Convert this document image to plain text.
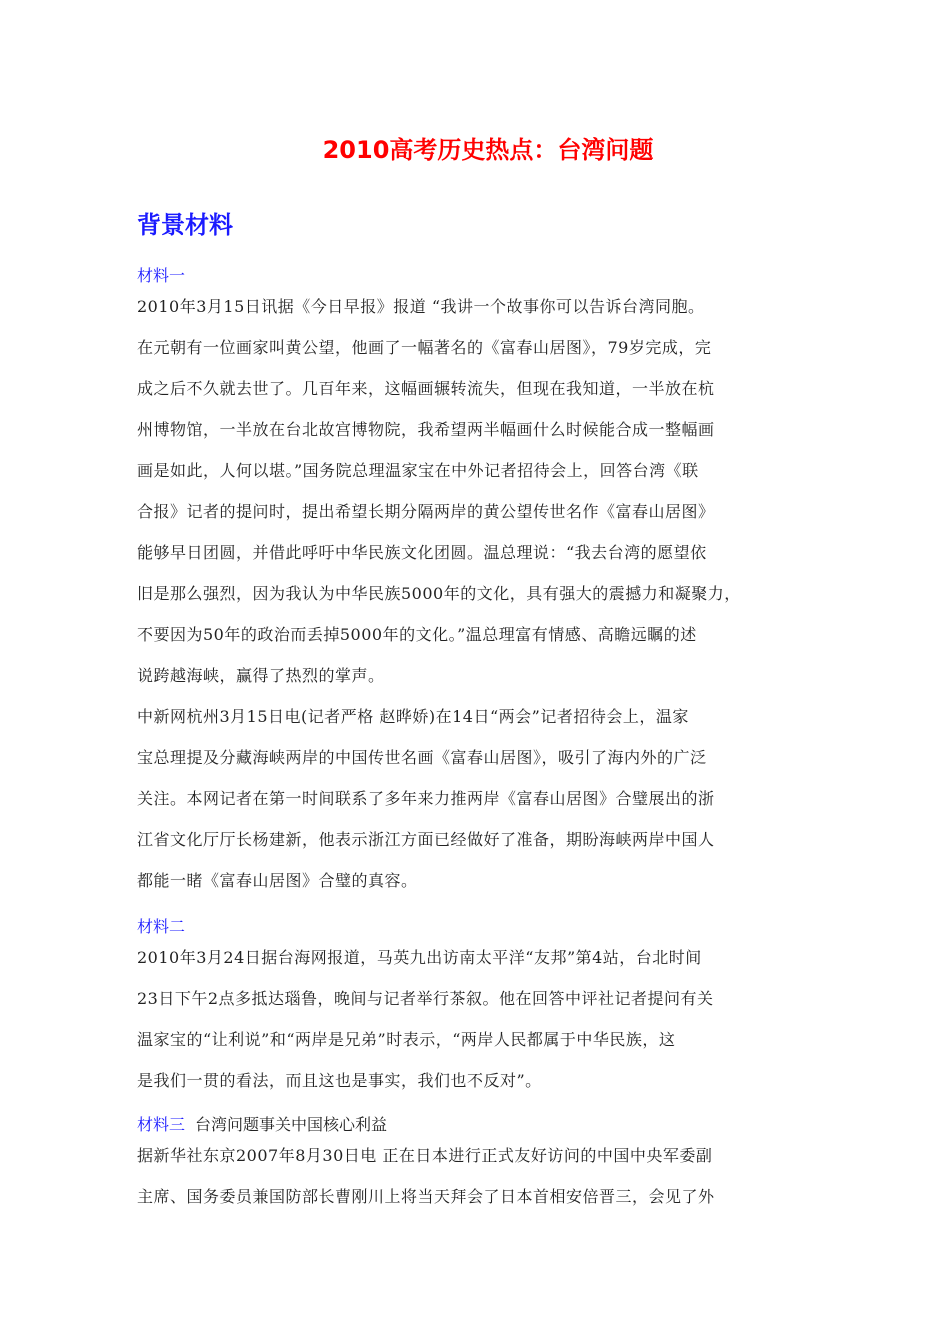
2010高考历史热点：台湾问题
背景材料
材料一
2010年3月15日讯据《今日早报》报道 “我讲一个故事你可以告诉台湾同胞。
在元朝有一位画家叫黄公望，他画了一幅著名的《富春山居图》，79岁完成，完
成之后不久就去世了。几百年来，这幅画辗转流失，但现在我知道，一半放在杭
州博物馆，一半放在台北故宫博物院，我希望两半幅画什么时候能合成一整幅画
画是如此，人何以堪。”国务院总理温家宝在中外记者招待会上，回答台湾《联
合报》记者的提问时，提出希望长期分隔两岸的黄公望传世名作《富春山居图》
能够早日团圆，并借此呼吁中华民族文化团圆。温总理说：“我去台湾的愿望依
旧是那么强烈，因为我认为中华民族5000年的文化，具有强大的震撼力和凝聚力，
不要因为50年的政治而丢掉5000年的文化。”温总理富有情感、高瞻远瞩的述
说跨越海峡，赢得了热烈的掌声。
中新网杭州3月15日电(记者严格 赵晔娇)在14日“两会”记者招待会上，温家
宝总理提及分藏海峡两岸的中国传世名画《富春山居图》，吸引了海内外的广泛
关注。本网记者在第一时间联系了多年来力推两岸《富春山居图》合璧展出的浙
江省文化厅厅长杨建新，他表示浙江方面已经做好了准备，期盼海峡两岸中国人
都能一睹《富春山居图》合璧的真容。
材料二
2010年3月24日据台海网报道，马英九出访南太平洋“友邦”第4站，台北时间
23日下午2点多抵达瑙鲁，晚间与记者举行茶叙。他在回答中评社记者提问有关
温家宝的“让利说”和“两岸是兄弟”时表示，“两岸人民都属于中华民族，这
是我们一贯的看法，而且这也是事实，我们也不反对”。
材料三 台湾问题事关中国核心利益
据新华社东京2007年8月30日电 正在日本进行正式友好访问的中国中央军委副
主席、国务委员兼国防部长曹刚川上将当天拜会了日本首相安倍晋三，会见了外
